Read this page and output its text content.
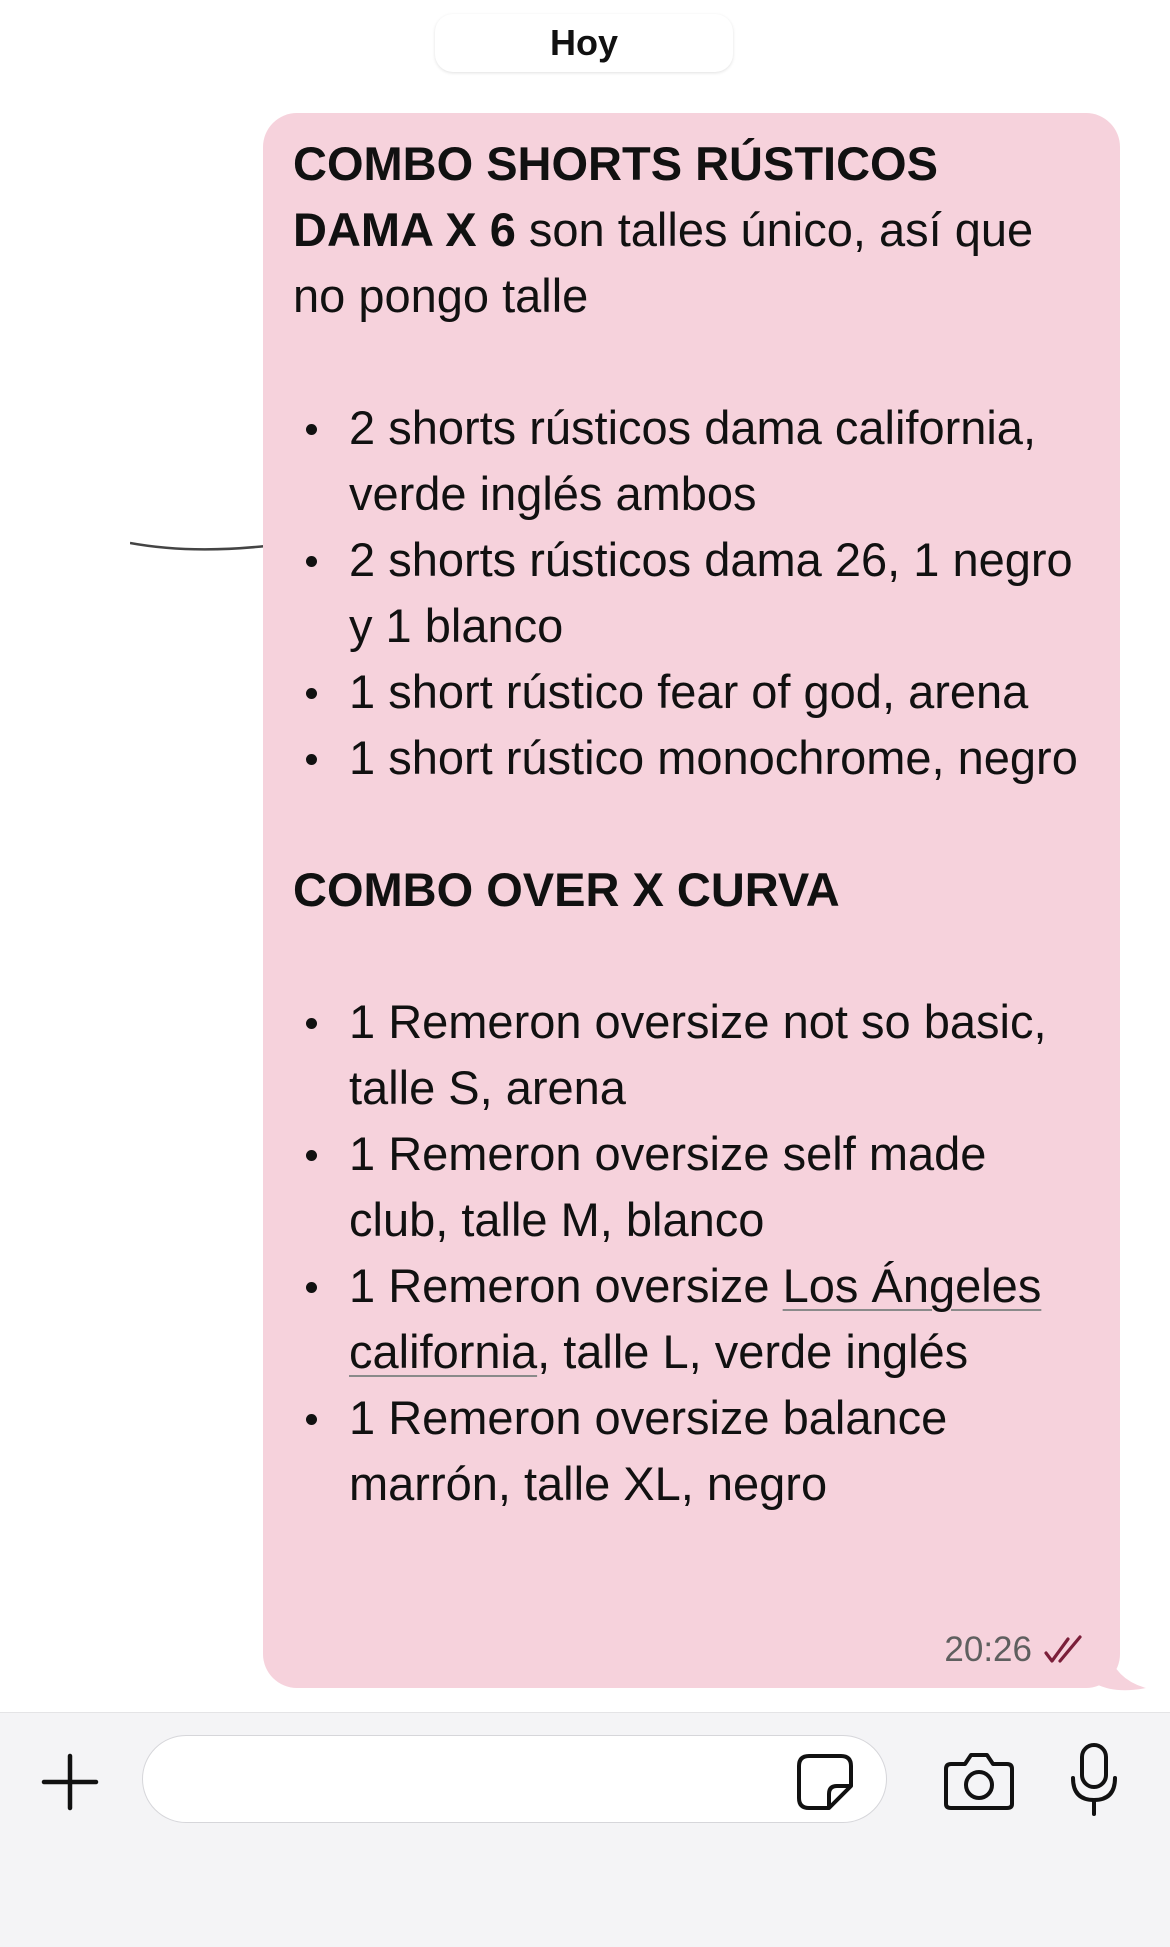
Hoy

COMBO SHORTS RÚSTICOS DAMA X 6 son talles único, así que no pongo talle

2 shorts rústicos dama california, verde inglés ambos
2 shorts rústicos dama 26, 1 negro y 1 blanco
1 short rústico fear of god, arena
1 short rústico monochrome, negro

COMBO OVER X CURVA

1 Remeron oversize not so basic, talle S, arena
1 Remeron oversize self made club, talle M, blanco
1 Remeron oversize Los Ángeles california, talle L, verde inglés
1 Remeron oversize balance marrón, talle XL, negro
20:26
